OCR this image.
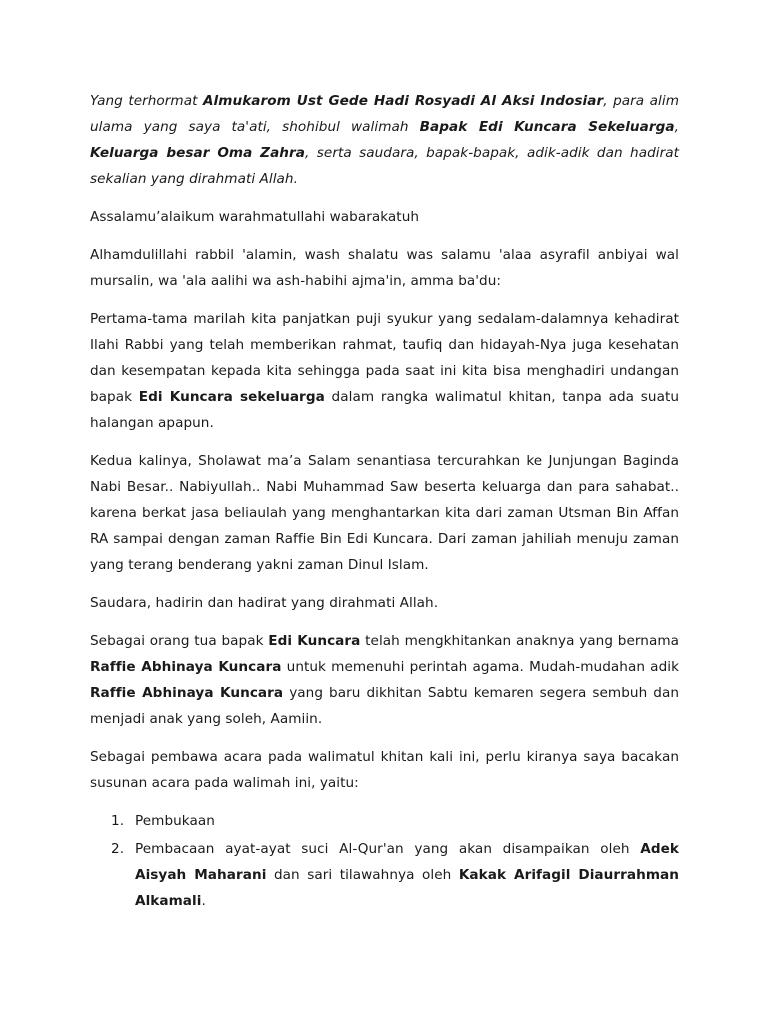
Yang terhormat Almukarom Ust Gede Hadi Rosyadi Al Aksi Indosiar, para alim ulama yang saya ta'ati, shohibul walimah Bapak Edi Kuncara Sekeluarga, Keluarga besar Oma Zahra, serta saudara, bapak-bapak, adik-adik dan hadirat sekalian yang dirahmati Allah.

Assalamu’alaikum warahmatullahi wabarakatuh

Alhamdulillahi rabbil 'alamin, wash shalatu was salamu 'alaa asyrafil anbiyai wal mursalin, wa 'ala aalihi wa ash-habihi ajma'in, amma ba'du:

Pertama-tama marilah kita panjatkan puji syukur yang sedalam-dalamnya kehadirat Ilahi Rabbi yang telah memberikan rahmat, taufiq dan hidayah-Nya juga kesehatan dan kesempatan kepada kita sehingga pada saat ini kita bisa menghadiri undangan bapak Edi Kuncara sekeluarga dalam rangka walimatul khitan, tanpa ada suatu halangan apapun.

Kedua kalinya, Sholawat ma’a Salam senantiasa tercurahkan ke Junjungan Baginda Nabi Besar.. Nabiyullah.. Nabi Muhammad Saw beserta keluarga dan para sahabat.. karena berkat jasa beliaulah yang menghantarkan kita dari zaman Utsman Bin Affan RA sampai dengan zaman Raffie Bin Edi Kuncara. Dari zaman jahiliah menuju zaman yang terang benderang yakni zaman Dinul Islam.

Saudara, hadirin dan hadirat yang dirahmati Allah.

Sebagai orang tua bapak Edi Kuncara telah mengkhitankan anaknya yang bernama Raffie Abhinaya Kuncara untuk memenuhi perintah agama. Mudah-mudahan adik Raffie Abhinaya Kuncara yang baru dikhitan Sabtu kemaren segera sembuh dan menjadi anak yang soleh, Aamiin.

Sebagai pembawa acara pada walimatul khitan kali ini, perlu kiranya saya bacakan susunan acara pada walimah ini, yaitu:

1. Pembukaan
2. Pembacaan ayat-ayat suci Al-Qur'an yang akan disampaikan oleh Adek Aisyah Maharani dan sari tilawahnya oleh Kakak Arifagil Diaurrahman Alkamali.
